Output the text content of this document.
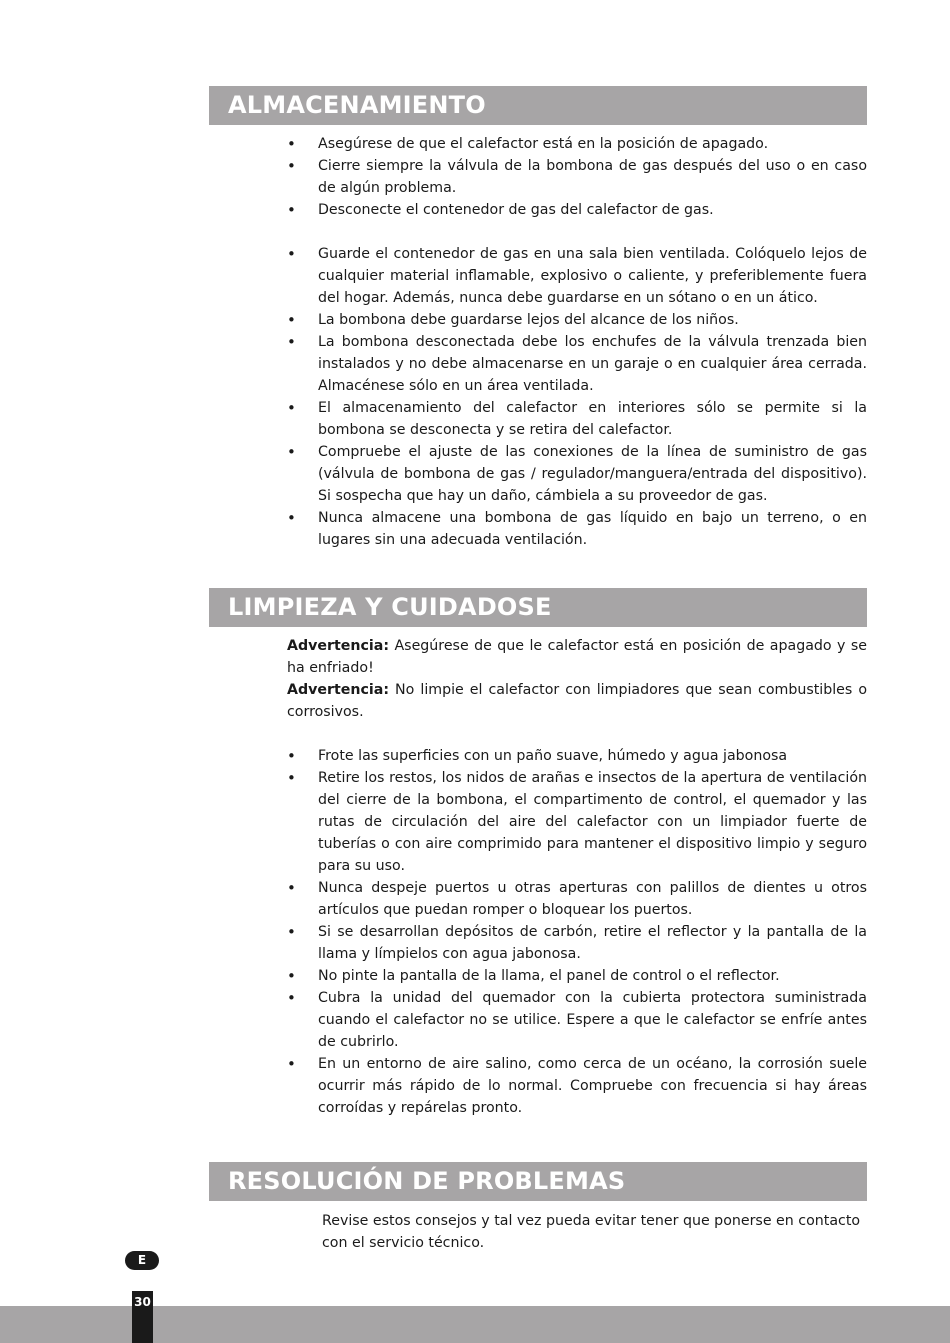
ALMACENAMIENTO
• Asegúrese de que el calefactor está en la posición de apagado.
• Cierre siempre la válvula de la bombona de gas después del uso o en caso de algún problema.
• Desconecte el contenedor de gas del calefactor de gas.
• Guarde el contenedor de gas en una sala bien ventilada. Colóquelo lejos de cualquier material inflamable, explosivo o caliente, y preferiblemente fuera del hogar. Además, nunca debe guardarse en un sótano o en un ático.
• La bombona debe guardarse lejos del alcance de los niños.
• La bombona desconectada debe los enchufes de la válvula trenzada bien instalados y no debe almacenarse en un garaje o en cualquier área cerrada. Almacénese sólo en un área ventilada.
• El almacenamiento del calefactor en interiores sólo se permite si la bombona se desconecta y se retira del calefactor.
• Compruebe el ajuste de las conexiones de la línea de suministro de gas (válvula de bombona de gas / regulador/manguera/entrada del dispositivo). Si sospecha que hay un daño, cámbiela a su proveedor de gas.
• Nunca almacene una bombona de gas líquido en bajo un terreno, o en lugares sin una adecuada ventilación.
LIMPIEZA Y CUIDADOSE

Advertencia: Asegúrese de que le calefactor está en posición de apagado y se ha enfriado!

Advertencia: No limpie el calefactor con limpiadores que sean combustibles o corrosivos.

• Frote las superficies con un paño suave, húmedo y agua jabonosa
• Retire los restos, los nidos de arañas e insectos de la apertura de ventilación del cierre de la bombona, el compartimento de control, el quemador y las rutas de circulación del aire del calefactor con un limpiador fuerte de tuberías o con aire comprimido para mantener el dispositivo limpio y seguro para su uso.
• Nunca despeje puertos u otras aperturas con palillos de dientes u otros artículos que puedan romper o bloquear los puertos.
• Si se desarrollan depósitos de carbón, retire el reflector y la pantalla de la llama y límpielos con agua jabonosa.
• No pinte la pantalla de la llama, el panel de control o el reflector.
• Cubra la unidad del quemador con la cubierta protectora suministrada cuando el calefactor no se utilice. Espere a que le calefactor se enfríe antes de cubrirlo.
• En un entorno de aire salino, como cerca de un océano, la corrosión suele ocurrir más rápido de lo normal. Compruebe con frecuencia si hay áreas corroídas y repárelas pronto.
RESOLUCIÓN DE PROBLEMAS

Revise estos consejos y tal vez pueda evitar tener que ponerse en contacto con el servicio técnico.

E
30
